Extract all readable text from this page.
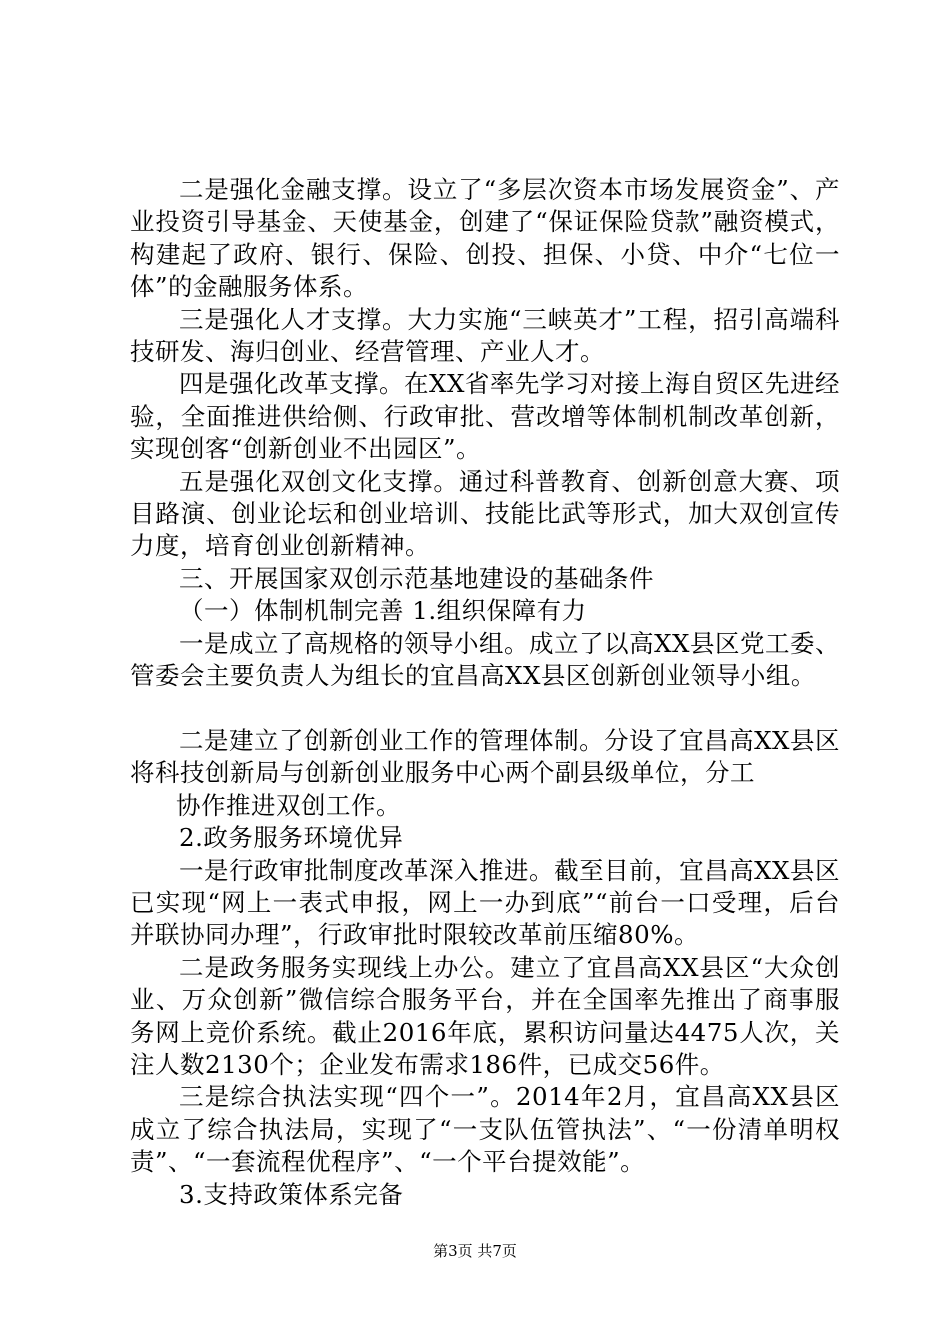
二是强化金融支撑。设立了“多层次资本市场发展资金”、产业投资引导基金、天使基金，创建了“保证保险贷款”融资模式，构建起了政府、银行、保险、创投、担保、小贷、中介“七位一体”的金融服务体系。

三是强化人才支撑。大力实施“三峡英才”工程，招引高端科技研发、海归创业、经营管理、产业人才。

四是强化改革支撑。在XX省率先学习对接上海自贸区先进经验，全面推进供给侧、行政审批、营改增等体制机制改革创新，实现创客“创新创业不出园区”。

五是强化双创文化支撑。通过科普教育、创新创意大赛、项目路演、创业论坛和创业培训、技能比武等形式，加大双创宣传力度，培育创业创新精神。

三、开展国家双创示范基地建设的基础条件

（一）体制机制完善 1.组织保障有力

一是成立了高规格的领导小组。成立了以高XX县区党工委、管委会主要负责人为组长的宜昌高XX县区创新创业领导小组。

二是建立了创新创业工作的管理体制。分设了宜昌高XX县区将科技创新局与创新创业服务中心两个副县级单位，分工

协作推进双创工作。

2.政务服务环境优异

一是行政审批制度改革深入推进。截至目前，宜昌高XX县区已实现“网上一表式申报，网上一办到底”“前台一口受理，后台并联协同办理”，行政审批时限较改革前压缩80%。

二是政务服务实现线上办公。建立了宜昌高XX县区“大众创业、万众创新”微信综合服务平台，并在全国率先推出了商事服务网上竞价系统。截止2016年底，累积访问量达4475人次，关注人数2130个；企业发布需求186件，已成交56件。

三是综合执法实现“四个一”。2014年2月，宜昌高XX县区成立了综合执法局，实现了“一支队伍管执法”、“一份清单明权责”、“一套流程优程序”、“一个平台提效能”。

3.支持政策体系完备

第3页 共7页
